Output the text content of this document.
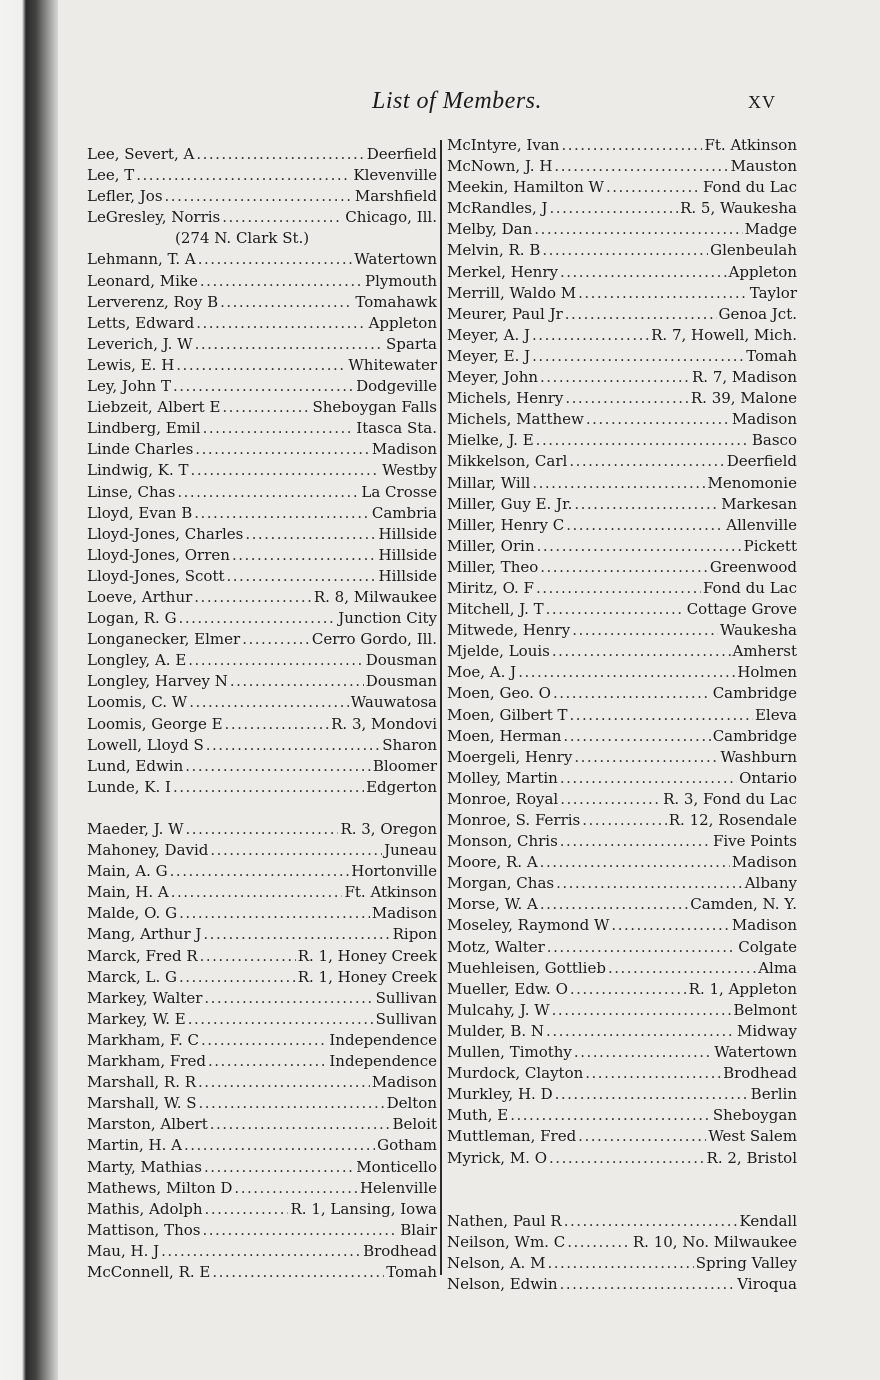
List of Members.	XV
Lee, Severt, A .....	Deerfield
Lee, T .....	Klevenville
Lefler, Jos .....	Marshfield
LeGresley, Norris .....	Chicago, Ill.
(274 N. Clark St.)
Lehmann, T. A .....	Watertown
Leonard, Mike .....	Plymouth
Lerverenz, Roy B .....	Tomahawk
Letts, Edward .....	Appleton
Leverich, J. W .....	Sparta
Lewis, E. H .....	Whitewater
Ley, John T .....	Dodgeville
Liebzeit, Albert E .....	Sheboygan Falls
Lindberg, Emil .....	Itasca Sta.
Linde Charles .....	Madison
Lindwig, K. T .....	Westby
Linse, Chas .....	La Crosse
Lloyd, Evan B .....	Cambria
Lloyd-Jones, Charles .....	Hillside
Lloyd-Jones, Orren .....	Hillside
Lloyd-Jones, Scott .....	Hillside
Loeve, Arthur .....	R. 8, Milwaukee
Logan, R. G .....	Junction City
Longanecker, Elmer .....	Cerro Gordo, Ill.
Longley, A. E .....	Dousman
Longley, Harvey N .....	Dousman
Loomis, C. W .....	Wauwatosa
Loomis, George E .....	R. 3, Mondovi
Lowell, Lloyd S .....	Sharon
Lund, Edwin .....	Bloomer
Lunde, K. I .....	Edgerton
Maeder, J. W .....	R. 3, Oregon
Mahoney, David .....	Juneau
Main, A. G .....	Hortonville
Main, H. A .....	Ft. Atkinson
Malde, O. G .....	Madison
Mang, Arthur J .....	Ripon
Marck, Fred R .....	R. 1, Honey Creek
Marck, L. G .....	R. 1, Honey Creek
Markey, Walter .....	Sullivan
Markey, W. E .....	Sullivan
Markham, F. C .....	Independence
Markham, Fred .....	Independence
Marshall, R. R .....	Madison
Marshall, W. S .....	Delton
Marston, Albert .....	Beloit
Martin, H. A .....	Gotham
Marty, Mathias .....	Monticello
Mathews, Milton D .....	Helenville
Mathis, Adolph .....	R. 1, Lansing, Iowa
Mattison, Thos .....	Blair
Mau, H. J .....	Brodhead
McConnell, R. E .....	Tomah
McIntyre, Ivan .....	Ft. Atkinson
McNown, J. H .....	Mauston
Meekin, Hamilton W .....	Fond du Lac
McRandles, J .....	R. 5, Waukesha
Melby, Dan .....	Madge
Melvin, R. B .....	Glenbeulah
Merkel, Henry .....	Appleton
Merrill, Waldo M .....	Taylor
Meurer, Paul Jr .....	Genoa Jct.
Meyer, A. J .....	R. 7, Howell, Mich.
Meyer, E. J .....	Tomah
Meyer, John .....	R. 7, Madison
Michels, Henry .....	R. 39, Malone
Michels, Matthew .....	Madison
Mielke, J. E .....	Basco
Mikkelson, Carl .....	Deerfield
Millar, Will .....	Menomonie
Miller, Guy E. Jr. .....	Markesan
Miller, Henry C .....	Allenville
Miller, Orin .....	Pickett
Miller, Theo .....	Greenwood
Miritz, O. F .....	Fond du Lac
Mitchell, J. T .....	Cottage Grove
Mitwede, Henry .....	Waukesha
Mjelde, Louis .....	Amherst
Moe, A. J .....	Holmen
Moen, Geo. O .....	Cambridge
Moen, Gilbert T .....	Eleva
Moen, Herman .....	Cambridge
Moergeli, Henry .....	Washburn
Molley, Martin .....	Ontario
Monroe, Royal .....	R. 3, Fond du Lac
Monroe, S. Ferris .....	R. 12, Rosendale
Monson, Chris .....	Five Points
Moore, R. A .....	Madison
Morgan, Chas .....	Albany
Morse, W. A .....	Camden, N. Y.
Moseley, Raymond W .....	Madison
Motz, Walter .....	Colgate
Muehleisen, Gottlieb .....	Alma
Mueller, Edw. O .....	R. 1, Appleton
Mulcahy, J. W .....	Belmont
Mulder, B. N .....	Midway
Mullen, Timothy .....	Watertown
Murdock, Clayton .....	Brodhead
Murkley, H. D .....	Berlin
Muth, E .....	Sheboygan
Muttleman, Fred .....	West Salem
Myrick, M. O .....	R. 2, Bristol
Nathen, Paul R .....	Kendall
Neilson, Wm. C .....	R. 10, No. Milwaukee
Nelson, A. M .....	Spring Valley
Nelson, Edwin .....	Viroqua
